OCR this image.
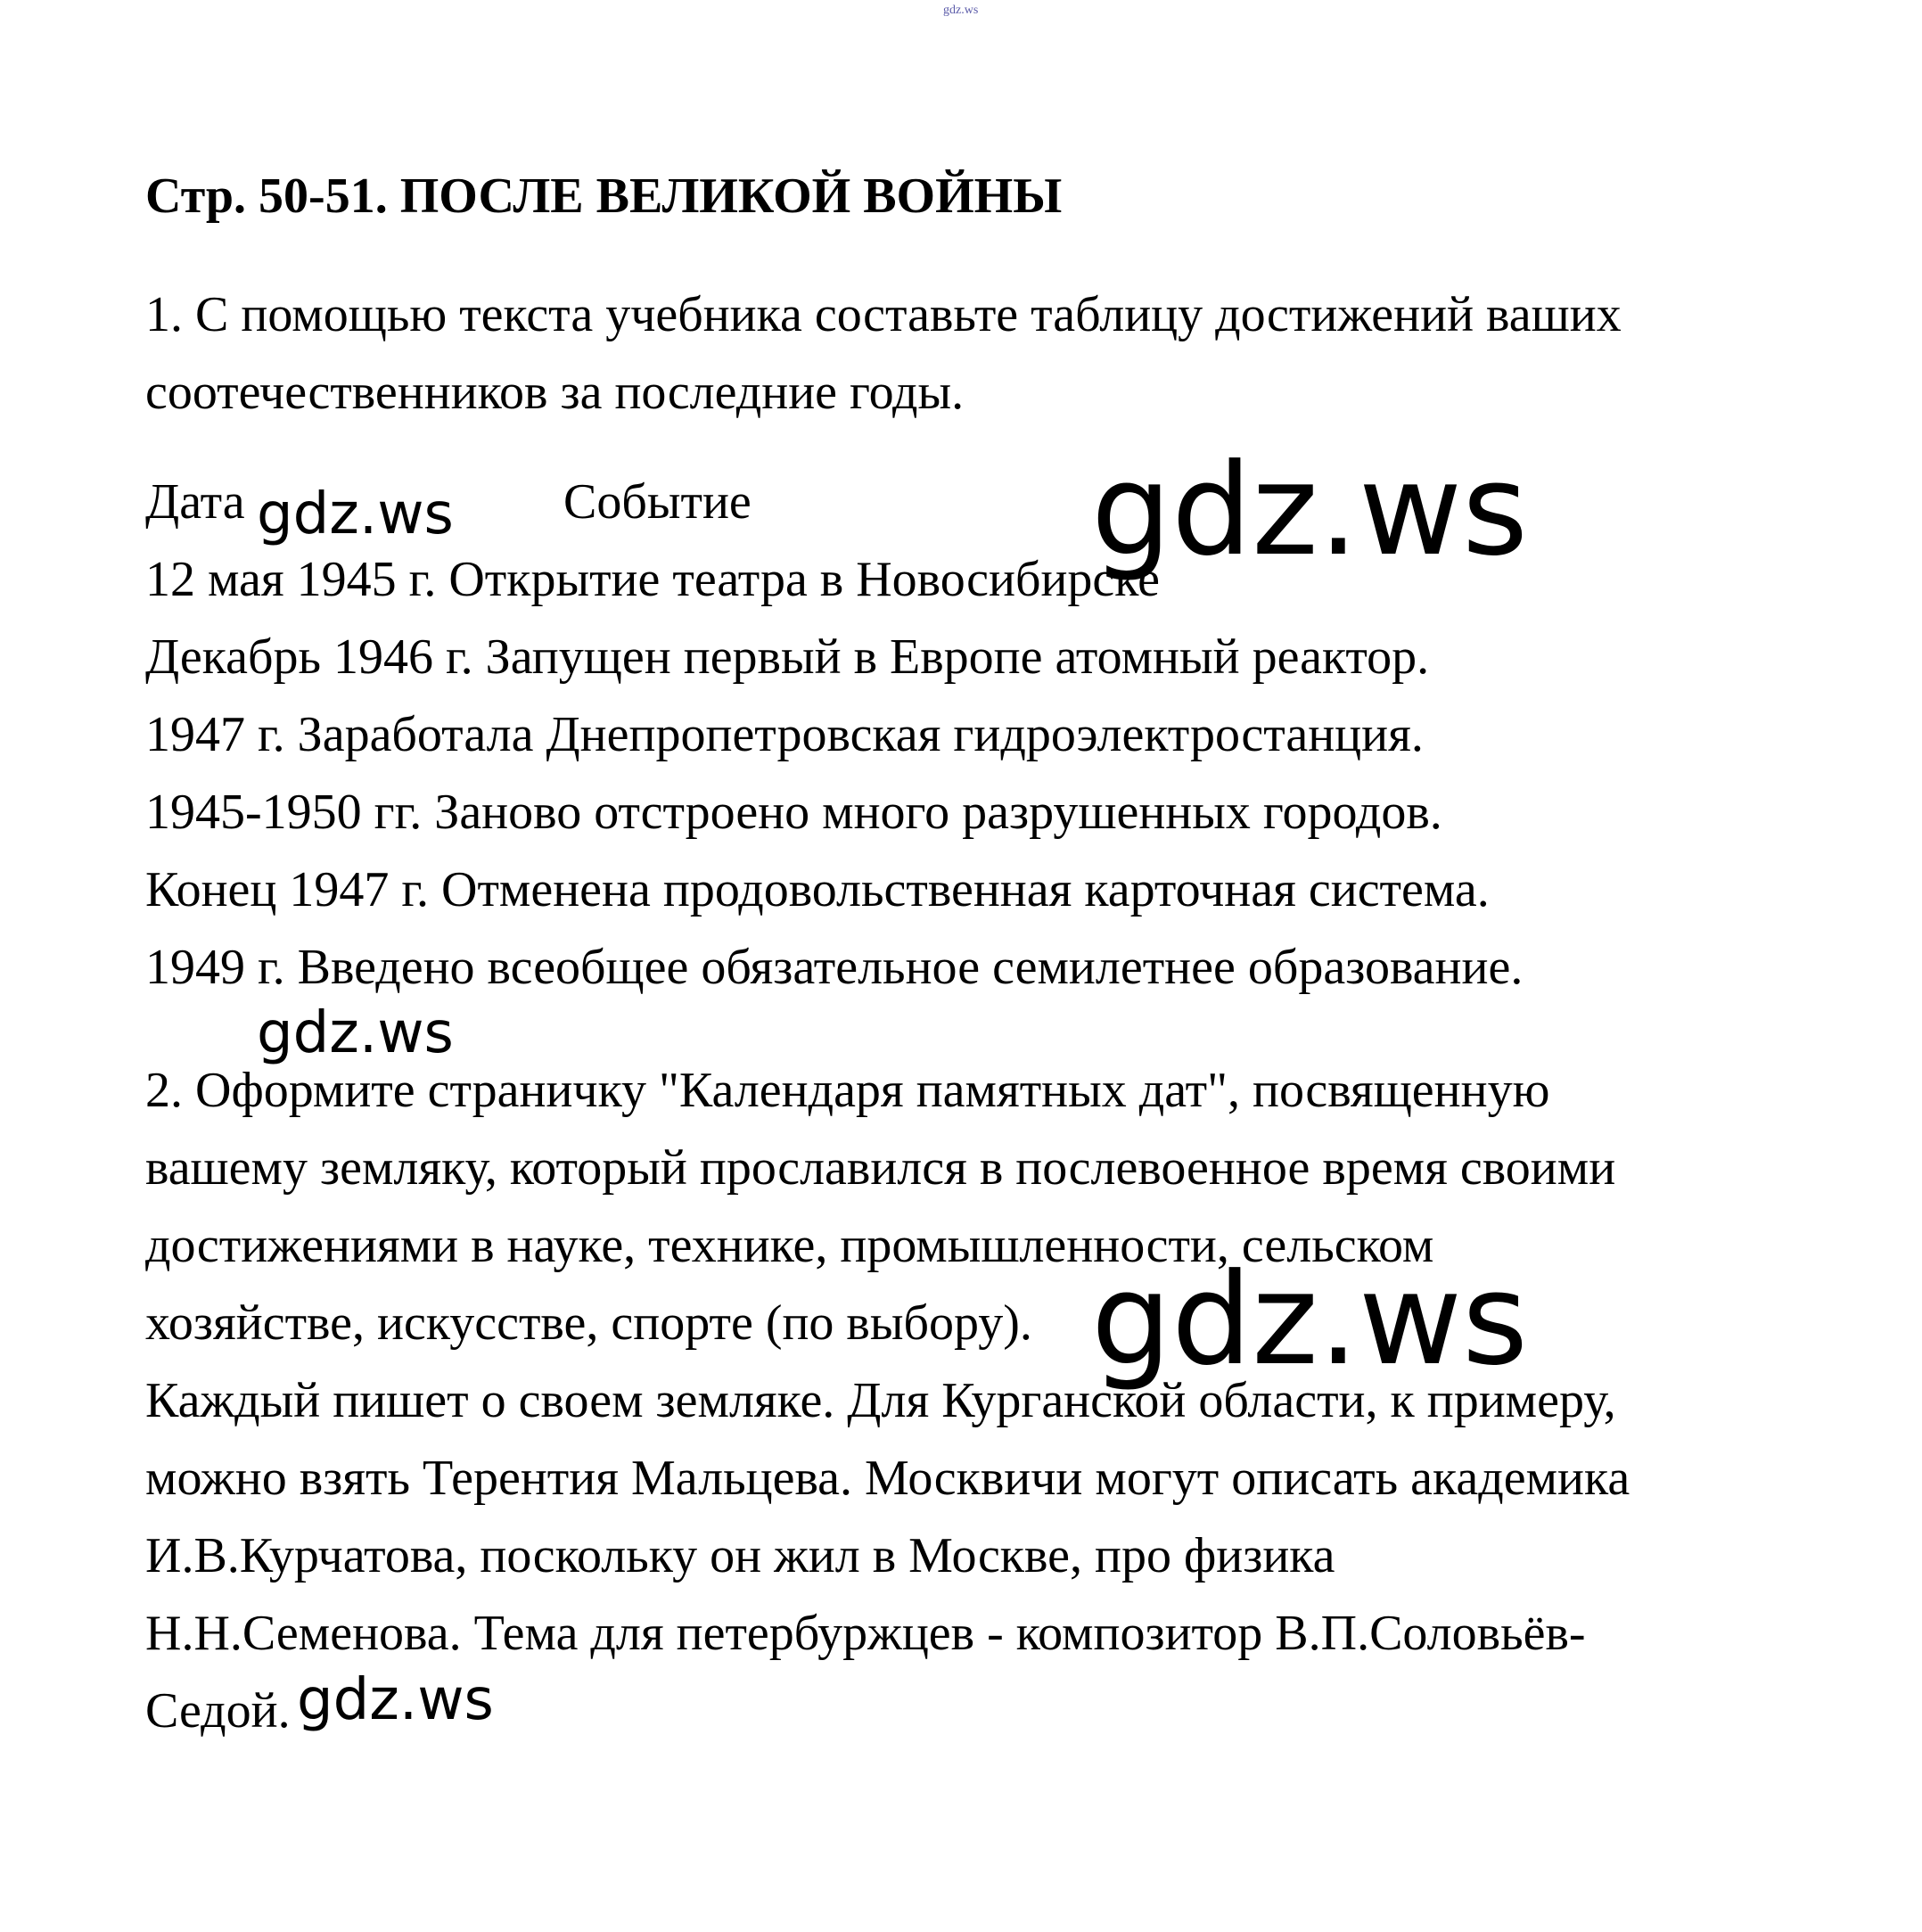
gdz.ws
Стр. 50-51. ПОСЛЕ ВЕЛИКОЙ ВОЙНЫ
1. С помощью текста учебника составьте таблицу достижений ваших
соотечественников за последние годы.
Дата	Событие
12 мая 1945 г. Открытие театра в Новосибирске
Декабрь 1946 г. Запущен первый в Европе атомный реактор.
1947 г. Заработала Днепропетровская гидроэлектростанция.
1945-1950 гг. Заново отстроено много разрушенных городов.
Конец 1947 г. Отменена продовольственная карточная система.
1949 г. Введено всеобщее обязательное семилетнее образование.
2. Оформите страничку "Календаря памятных дат", посвященную
вашему земляку, который прославился в послевоенное время своими
достижениями в науке, технике, промышленности, сельском
хозяйстве, искусстве, спорте (по выбору).
Каждый пишет о своем земляке. Для Курганской области, к примеру,
можно взять Терентия Мальцева. Москвичи могут описать академика
И.В.Курчатова, поскольку он жил в Москве, про физика
Н.Н.Семенова. Тема для петербуржцев - композитор В.П.Соловьёв-
Седой.
gdz.ws	gdz.ws
gdz.ws
gdz.ws
gdz.ws
